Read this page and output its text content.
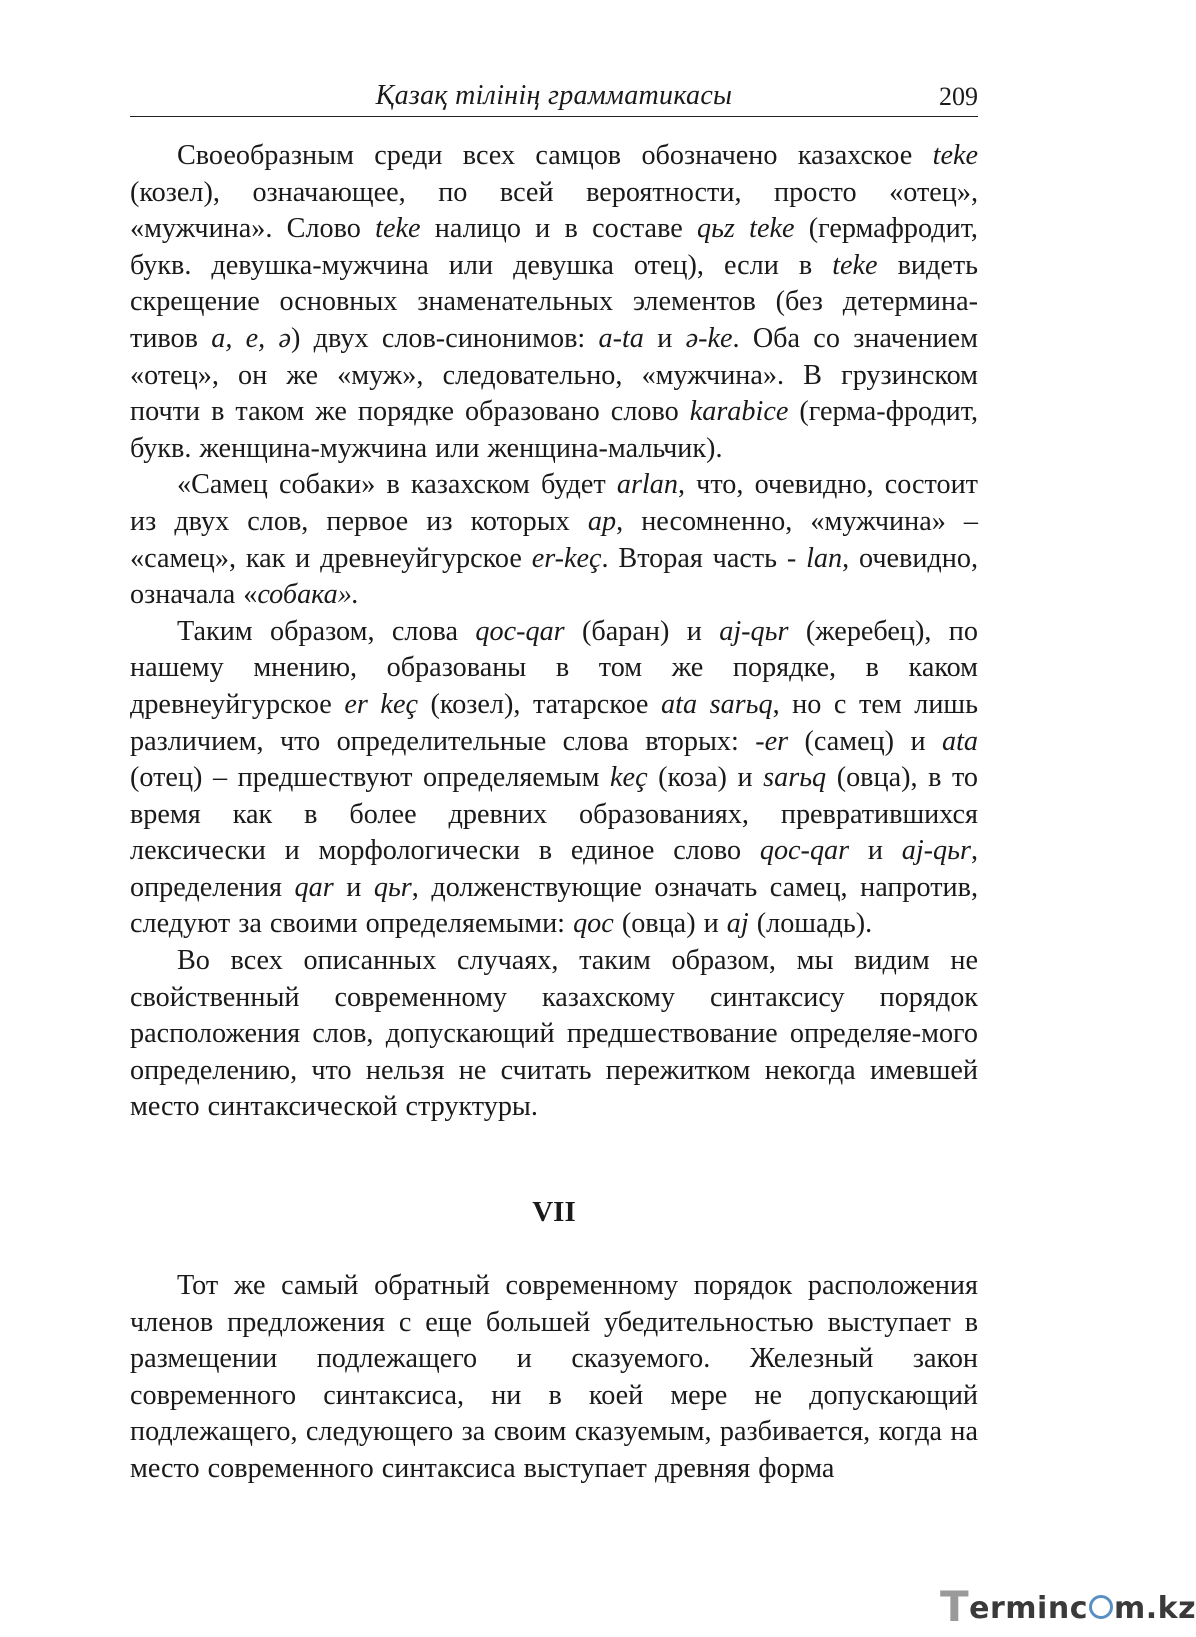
Қазақ тілінің грамматикасы	209

Своеобразным среди всех самцов обозначено казахское teke (козел), означающее, по всей вероятности, просто «отец», «мужчина». Слово teke налицо и в составе qьz teke (гермафродит, букв. девушка-мужчина или девушка отец), если в teke видеть скрещение основных знаменательных элементов (без детермина-тивов a, e, ә) двух слов-синонимов: a-ta и ә-ke. Оба со значением «отец», он же «муж», следовательно, «мужчина». В грузинском почти в таком же порядке образовано слово karabice (герма-фродит, букв. женщина-мужчина или женщина-мальчик).

«Самец собаки» в казахском будет arlan, что, очевидно, состоит из двух слов, первое из которых ap, несомненно, «мужчина» – «самец», как и древнеуйгурское er-keç. Вторая часть - lan, очевидно, означала «собака».

Таким образом, слова qoc-qar (баран) и aj-qьr (жеребец), по нашему мнению, образованы в том же порядке, в каком древнеуйгурское er keç (козел), татарское ata sarьq, но с тем лишь различием, что определительные слова вторых: -er (самец) и ata (отец) – предшествуют определяемым keç (коза) и sarьq (овца), в то время как в более древних образованиях, превратившихся лексически и морфологически в единое слово qoc-qar и aj-qьr, определения qar и qьr, долженствующие означать самец, напротив, следуют за своими определяемыми: qoc (овца) и aj (лошадь).

Во всех описанных случаях, таким образом, мы видим не свойственный современному казахскому синтаксису порядок расположения слов, допускающий предшествование определяе-мого определению, что нельзя не считать пережитком некогда имевшей место синтаксической структуры.

VII

Тот же самый обратный современному порядок расположения членов предложения с еще большей убедительностью выступает в размещении подлежащего и сказуемого. Железный закон современного синтаксиса, ни в коей мере не допускающий подлежащего, следующего за своим сказуемым, разбивается, когда на место современного синтаксиса выступает древняя форма

Terminc m.kz
